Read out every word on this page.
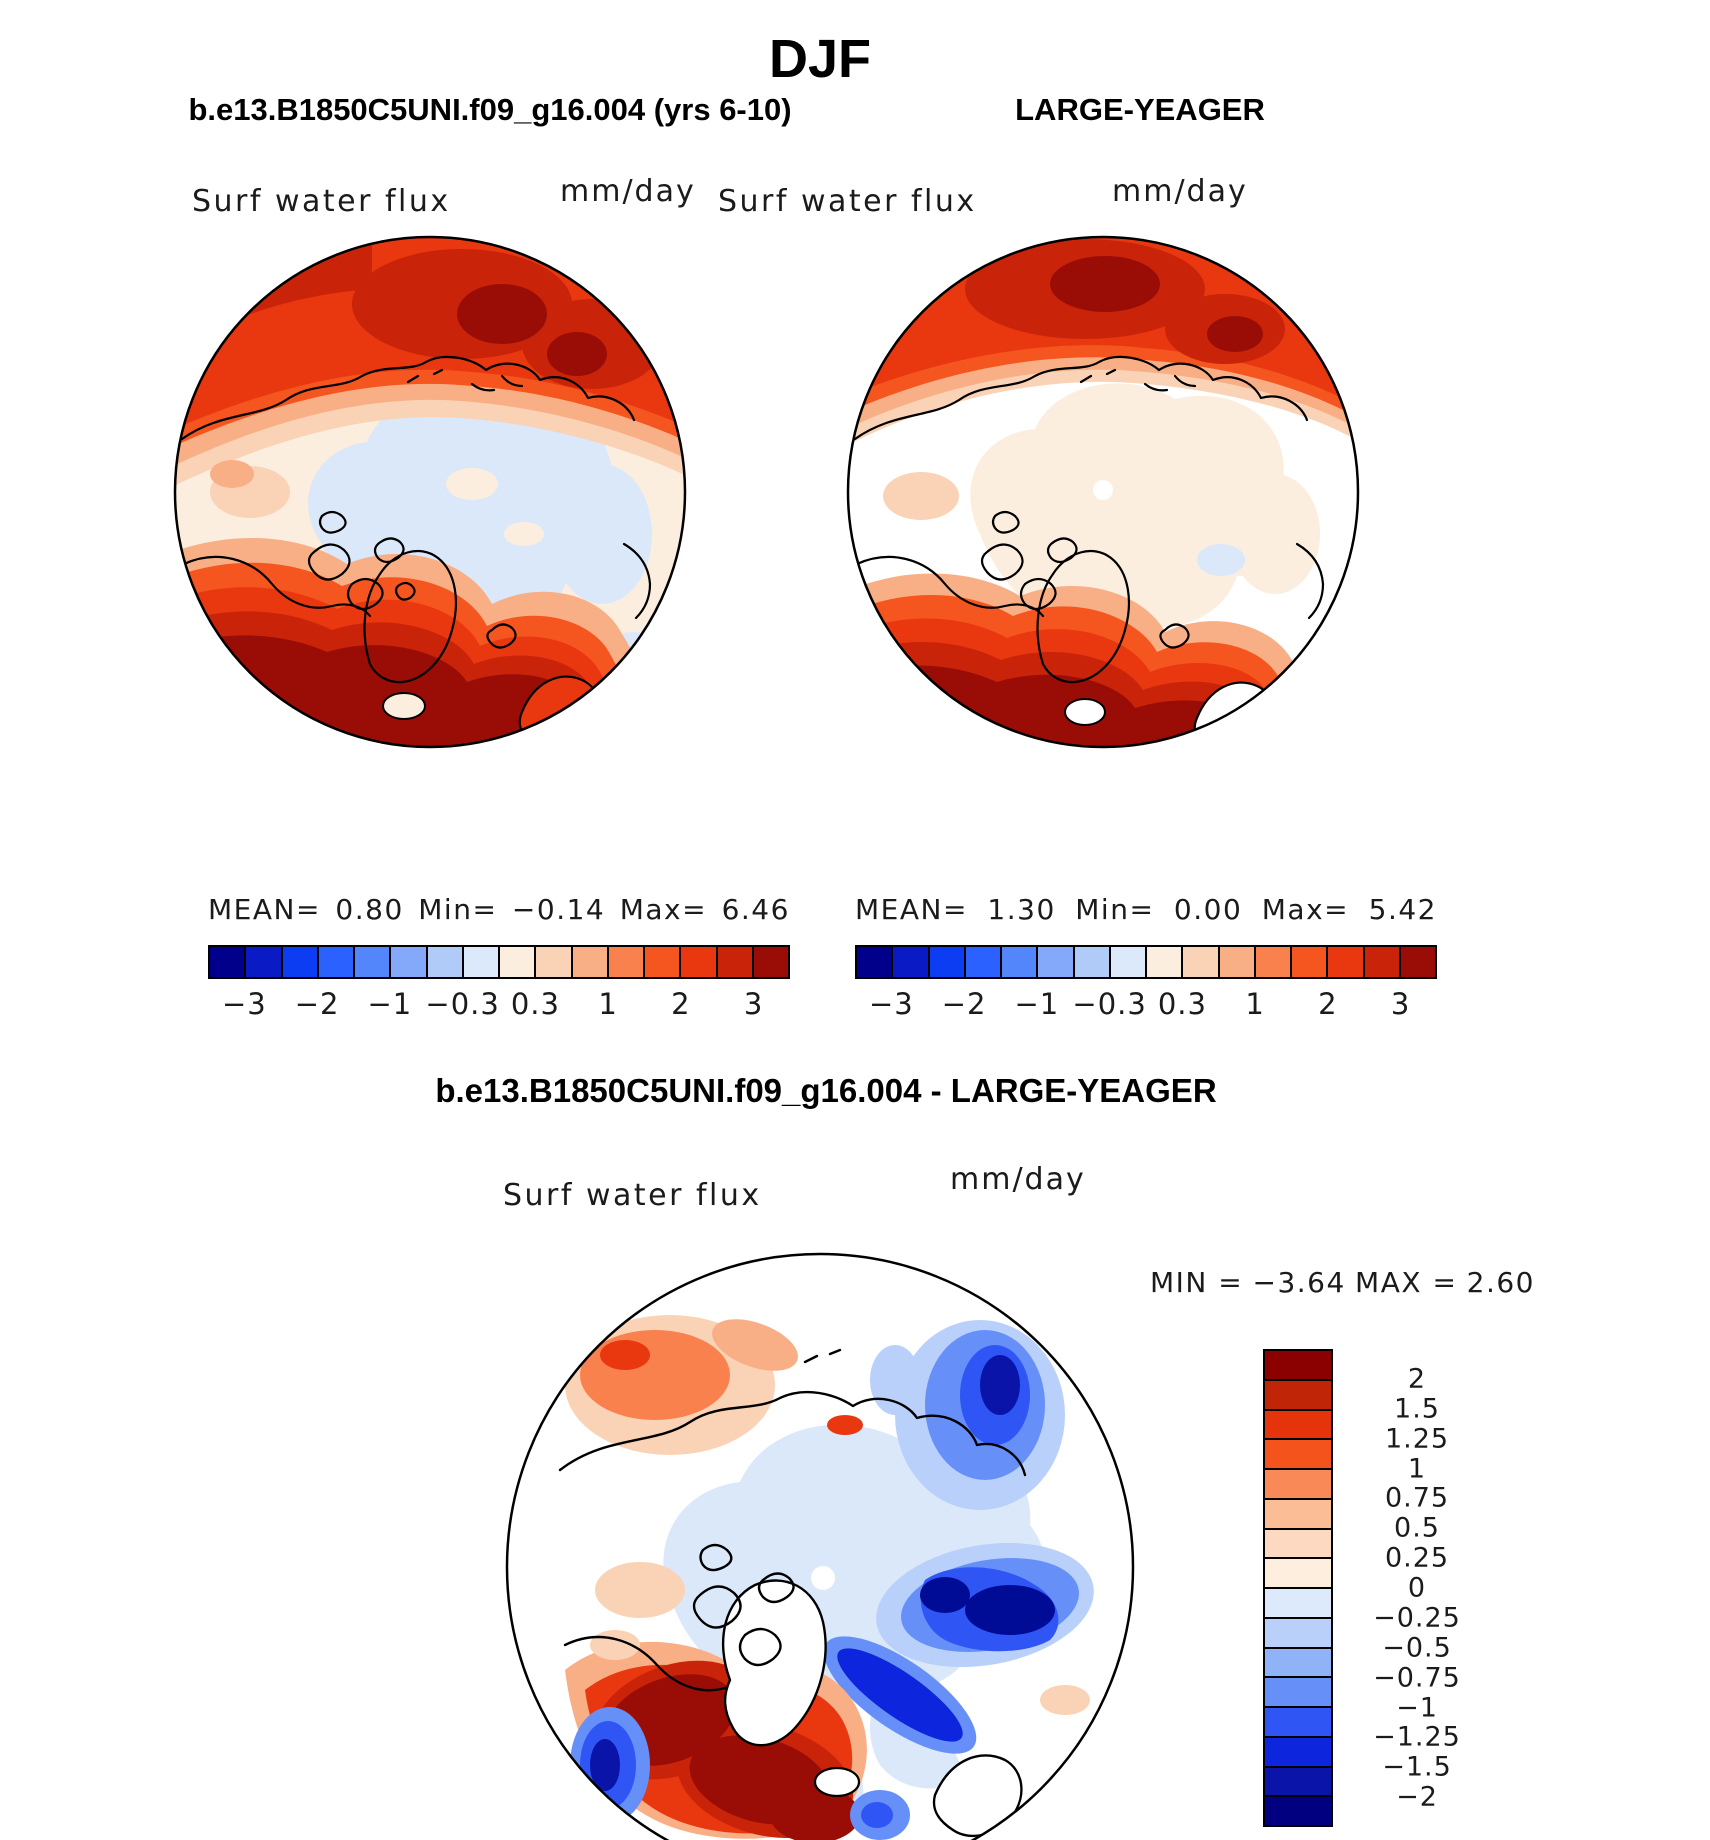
DJF
b.e13.B1850C5UNI.f09_g16.004 (yrs 6-10)	LARGE-YEAGER
Surf water flux	mm/day Surf water flux	mm/day
MEAN= 0.80 Min= −0.14 Max= 6.46 MEAN= 1.30 Min= 0.00 Max= 5.42
−3 −2 −1 −0.3 0.3 1 2 3	−3 −2 −1 −0.3 0.3 1 2 3
b.e13.B1850C5UNI.f09_g16.004 - LARGE-YEAGER
Surf water flux	mm/day
MIN = −3.64 MAX = 2.60
2
1.5
1.25
1
0.75
0.5
0.25
0
−0.25
−0.5
−0.75
−1
−1.25
−1.5
−2
